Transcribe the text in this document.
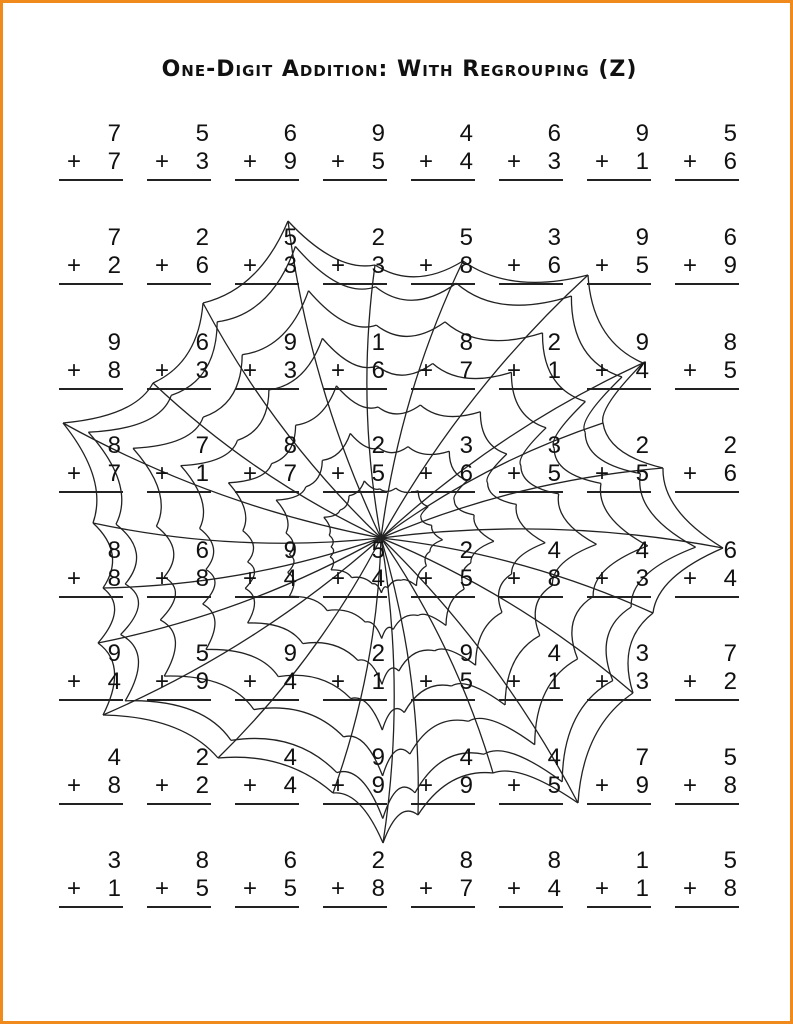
One-Digit Addition: With Regrouping (Z)
7
+ 7
5
+ 3
6
+ 9
9
+ 5
4
+ 4
6
+ 3
9
+ 1
5
+ 6
7
+ 2
2
+ 6
5
+ 3
2
+ 3
5
+ 8
3
+ 6
9
+ 5
6
+ 9
9
+ 8
6
+ 3
9
+ 3
1
+ 6
8
+ 7
2
+ 1
9
+ 4
8
+ 5
8
+ 7
7
+ 1
8
+ 7
2
+ 5
3
+ 6
3
+ 5
2
+ 5
2
+ 6
8
+ 8
6
+ 8
9
+ 4
5
+ 4
2
+ 5
4
+ 8
4
+ 3
6
+ 4
9
+ 4
5
+ 9
9
+ 4
2
+ 1
9
+ 5
4
+ 1
3
+ 3
7
+ 2
4
+ 8
2
+ 2
4
+ 4
9
+ 9
4
+ 9
4
+ 5
7
+ 9
5
+ 8
3
+ 1
8
+ 5
6
+ 5
2
+ 8
8
+ 7
8
+ 4
1
+ 1
5
+ 8
